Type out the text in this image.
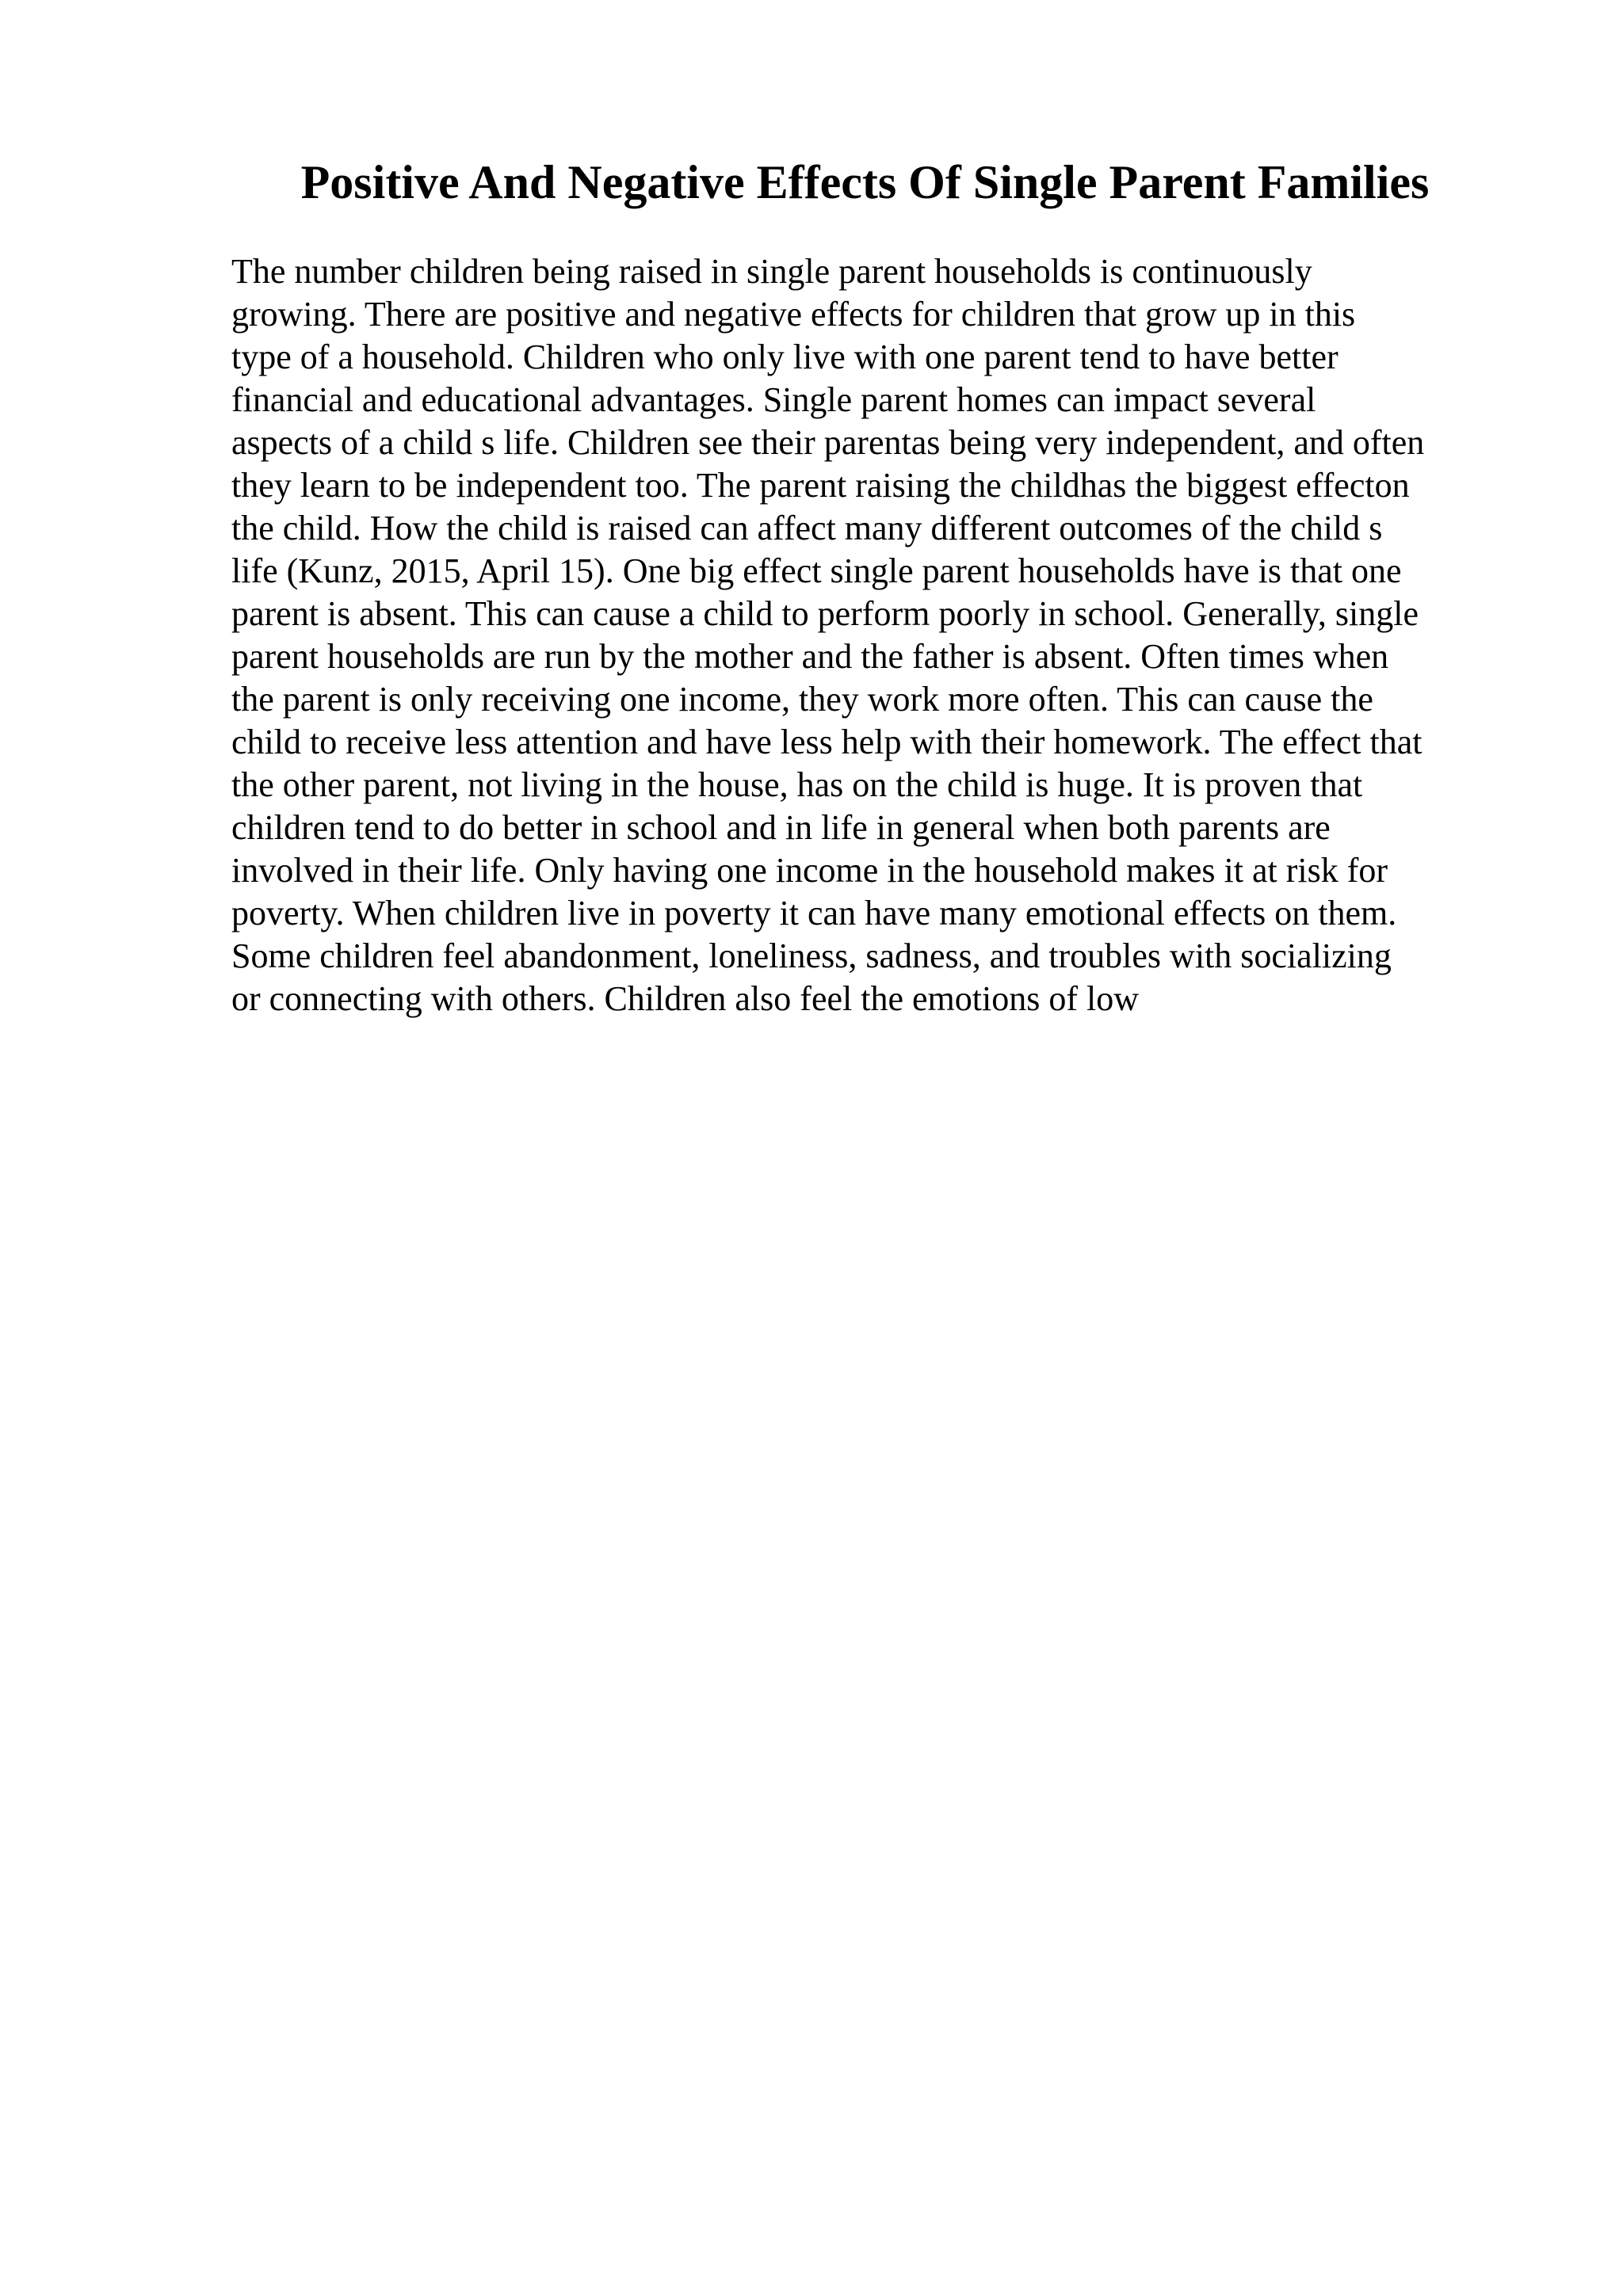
Positive And Negative Effects Of Single Parent Families
The number children being raised in single parent households is continuously
growing. There are positive and negative effects for children that grow up in this
type of a household. Children who only live with one parent tend to have better
financial and educational advantages. Single parent homes can impact several
aspects of a child s life. Children see their parentas being very independent, and often
they learn to be independent too. The parent raising the childhas the biggest effecton
the child. How the child is raised can affect many different outcomes of the child s
life (Kunz, 2015, April 15). One big effect single parent households have is that one
parent is absent. This can cause a child to perform poorly in school. Generally, single
parent households are run by the mother and the father is absent. Often times when
the parent is only receiving one income, they work more often. This can cause the
child to receive less attention and have less help with their homework. The effect that
the other parent, not living in the house, has on the child is huge. It is proven that
children tend to do better in school and in life in general when both parents are
involved in their life. Only having one income in the household makes it at risk for
poverty. When children live in poverty it can have many emotional effects on them.
Some children feel abandonment, loneliness, sadness, and troubles with socializing
or connecting with others. Children also feel the emotions of low
